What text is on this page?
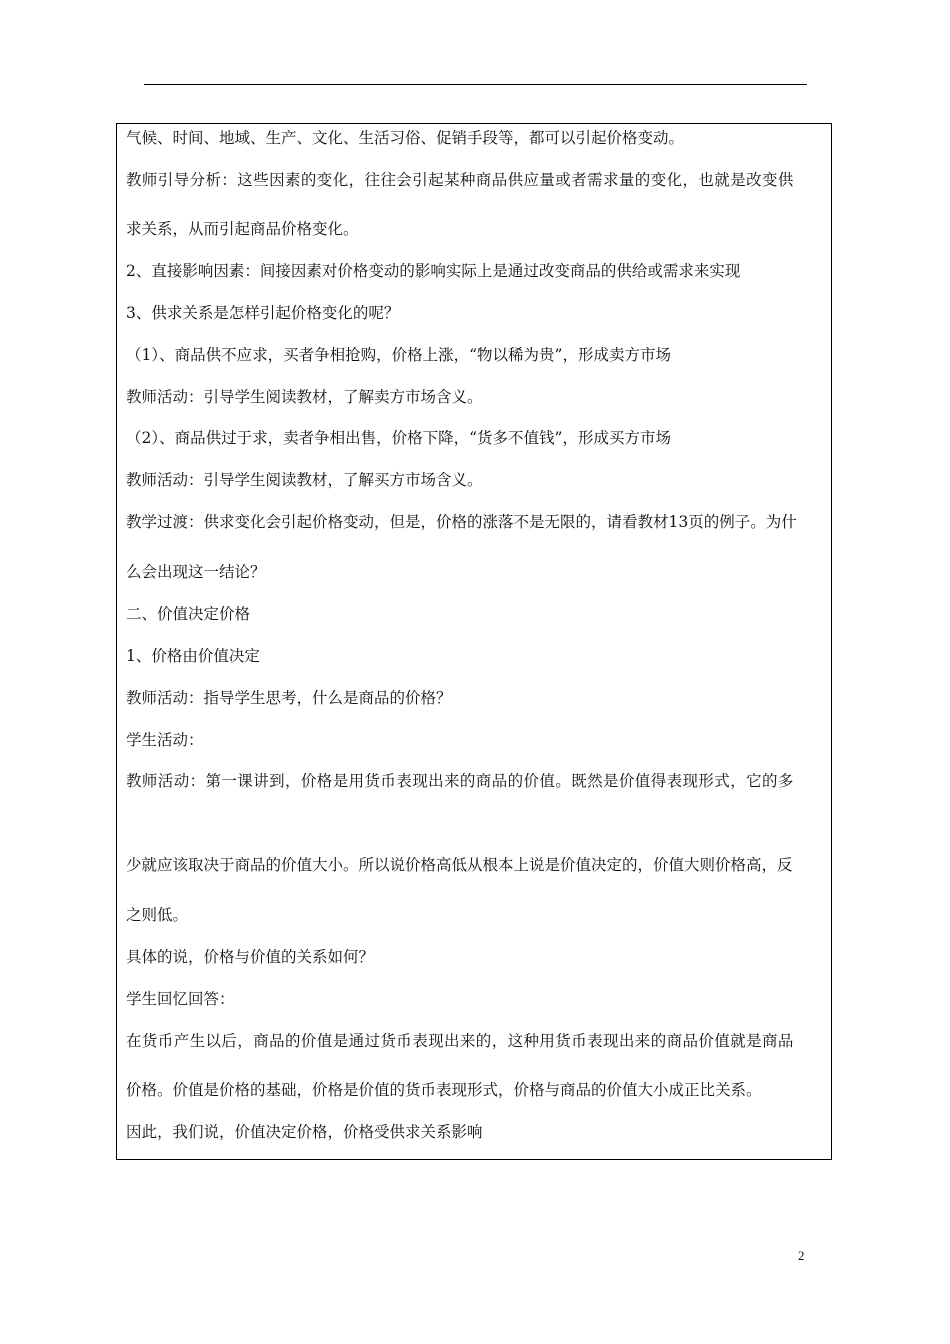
气候、时间、地域、生产、文化、生活习俗、促销手段等，都可以引起价格变动。
教师引导分析：这些因素的变化，往往会引起某种商品供应量或者需求量的变化，也就是改变供
求关系，从而引起商品价格变化。
2、直接影响因素：间接因素对价格变动的影响实际上是通过改变商品的供给或需求来实现
3、供求关系是怎样引起价格变化的呢？
（1）、商品供不应求，买者争相抢购，价格上涨，“物以稀为贵”，形成卖方市场
教师活动：引导学生阅读教材，了解卖方市场含义。
（2）、商品供过于求，卖者争相出售，价格下降，“货多不值钱”，形成买方市场
教师活动：引导学生阅读教材，了解买方市场含义。
教学过渡：供求变化会引起价格变动，但是，价格的涨落不是无限的，请看教材13页的例子。为什
么会出现这一结论？
二、价值决定价格
1、价格由价值决定
教师活动：指导学生思考，什么是商品的价格？
学生活动：
教师活动：第一课讲到，价格是用货币表现出来的商品的价值。既然是价值得表现形式，它的多
少就应该取决于商品的价值大小。所以说价格高低从根本上说是价值决定的，价值大则价格高，反
之则低。
具体的说，价格与价值的关系如何？
学生回忆回答：
在货币产生以后，商品的价值是通过货币表现出来的，这种用货币表现出来的商品价值就是商品
价格。价值是价格的基础，价格是价值的货币表现形式，价格与商品的价值大小成正比关系。
因此，我们说，价值决定价格，价格受供求关系影响
2
